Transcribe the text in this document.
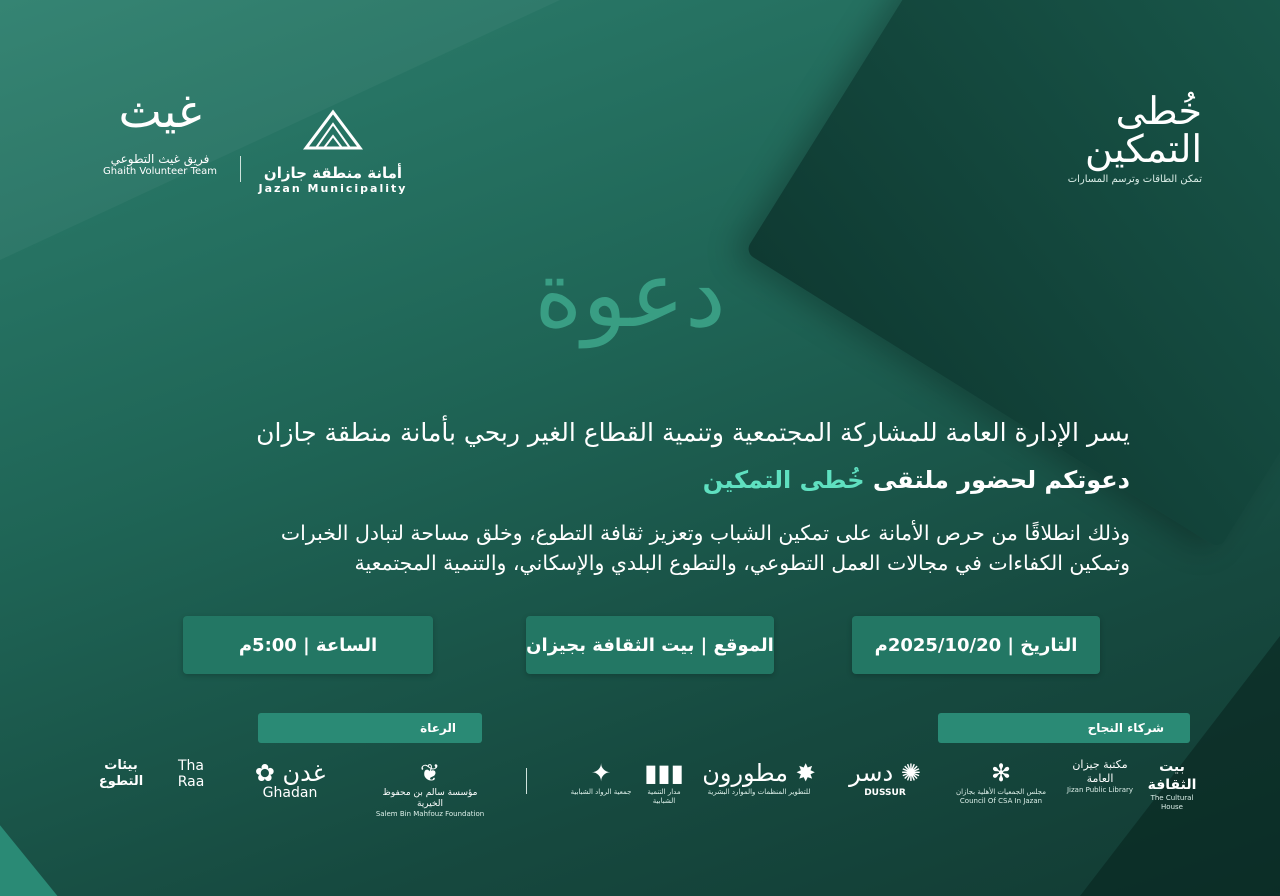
غيث
فريق غيث التطوعي
Ghaith Volunteer Team	أمانة منطقة جازان
Jazan Municipality
خُطى
التمكين
تمكن الطاقات وترسم المسارات
دعوة
يسر الإدارة العامة للمشاركة المجتمعية وتنمية القطاع الغير ربحي بأمانة منطقة جازان
دعوتكم لحضور ملتقى خُطى التمكين
وذلك انطلاقًا من حرص الأمانة على تمكين الشباب وتعزيز ثقافة التطوع، وخلق مساحة لتبادل الخبرات
وتمكين الكفاءات في مجالات العمل التطوعي، والتطوع البلدي والإسكاني، والتنمية المجتمعية
التاريخ | 2025/10/20م
الموقع | بيت الثقافة بجيزان
الساعة | 5:00م
الرعاة	شركاء النجاح
بيئات التطوع
Tha Raa	✿ غدن
Ghadan
❦
مؤسسة سالم بن محفوظ الخيرية
Salem Bin Mahfouz Foundation
✦
جمعية الرواد الشبابية
▮▮▮
مدار التنمية الشبابية
مطورون ✸
للتطوير المنظمات والموارد البشرية
دسر ✺
DUSSUR
✻
مجلس الجمعيات الأهلية بجازان
Council Of CSA In Jazan
مكتبة جيزان العامة
Jizan Public Library
بيت الثقافة
The Cultural House
